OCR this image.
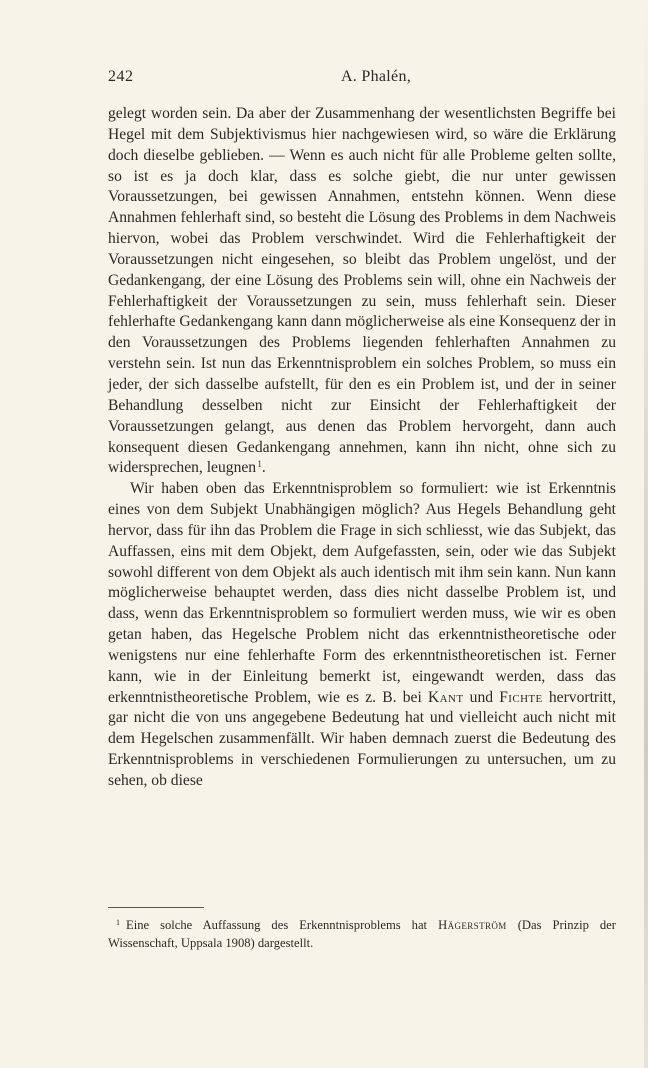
242	A. Phalén,

gelegt worden sein. Da aber der Zusammenhang der wesentlichsten Begriffe bei Hegel mit dem Subjektivismus hier nachgewiesen wird, so wäre die Erklärung doch dieselbe geblieben. — Wenn es auch nicht für alle Probleme gelten sollte, so ist es ja doch klar, dass es solche giebt, die nur unter gewissen Voraussetzungen, bei gewissen Annahmen, entstehn können. Wenn diese Annahmen fehlerhaft sind, so besteht die Lösung des Problems in dem Nachweis hiervon, wobei das Problem verschwindet. Wird die Fehlerhaftigkeit der Voraussetzungen nicht eingesehen, so bleibt das Problem ungelöst, und der Gedankengang, der eine Lösung des Problems sein will, ohne ein Nachweis der Fehlerhaftigkeit der Voraussetzungen zu sein, muss fehlerhaft sein. Dieser fehlerhafte Gedankengang kann dann möglicherweise als eine Konsequenz der in den Voraussetzungen des Problems liegenden fehlerhaften Annahmen zu verstehn sein. Ist nun das Erkenntnisproblem ein solches Problem, so muss ein jeder, der sich dasselbe aufstellt, für den es ein Problem ist, und der in seiner Behandlung desselben nicht zur Einsicht der Fehlerhaftigkeit der Voraussetzungen gelangt, aus denen das Problem hervorgeht, dann auch konsequent diesen Gedankengang annehmen, kann ihn nicht, ohne sich zu widersprechen, leugnen $^1$.

Wir haben oben das Erkenntnisproblem so formuliert: wie ist Erkenntnis eines von dem Subjekt Unabhängigen möglich? Aus Hegels Behandlung geht hervor, dass für ihn das Problem die Frage in sich schliesst, wie das Subjekt, das Auffassen, eins mit dem Objekt, dem Aufgefassten, sein, oder wie das Subjekt sowohl different von dem Objekt als auch identisch mit ihm sein kann. Nun kann möglicherweise behauptet werden, dass dies nicht dasselbe Problem ist, und dass, wenn das Erkenntnisproblem so formuliert werden muss, wie wir es oben getan haben, das Hegelsche Problem nicht das erkenntnistheoretische oder wenigstens nur eine fehlerhafte Form des erkenntnistheoretischen ist. Ferner kann, wie in der Einleitung bemerkt ist, eingewandt werden, dass das erkenntnistheoretische Problem, wie es z. B. bei Kant und Fichte hervortritt, gar nicht die von uns angegebene Bedeutung hat und vielleicht auch nicht mit dem Hegelschen zusammenfällt. Wir haben demnach zuerst die Bedeutung des Erkenntnisproblems in verschiedenen Formulierungen zu untersuchen, um zu sehen, ob diese

$^1$ Eine solche Auffassung des Erkenntnisproblems hat Hägerström (Das Prinzip der Wissenschaft, Uppsala 1908) dargestellt.
